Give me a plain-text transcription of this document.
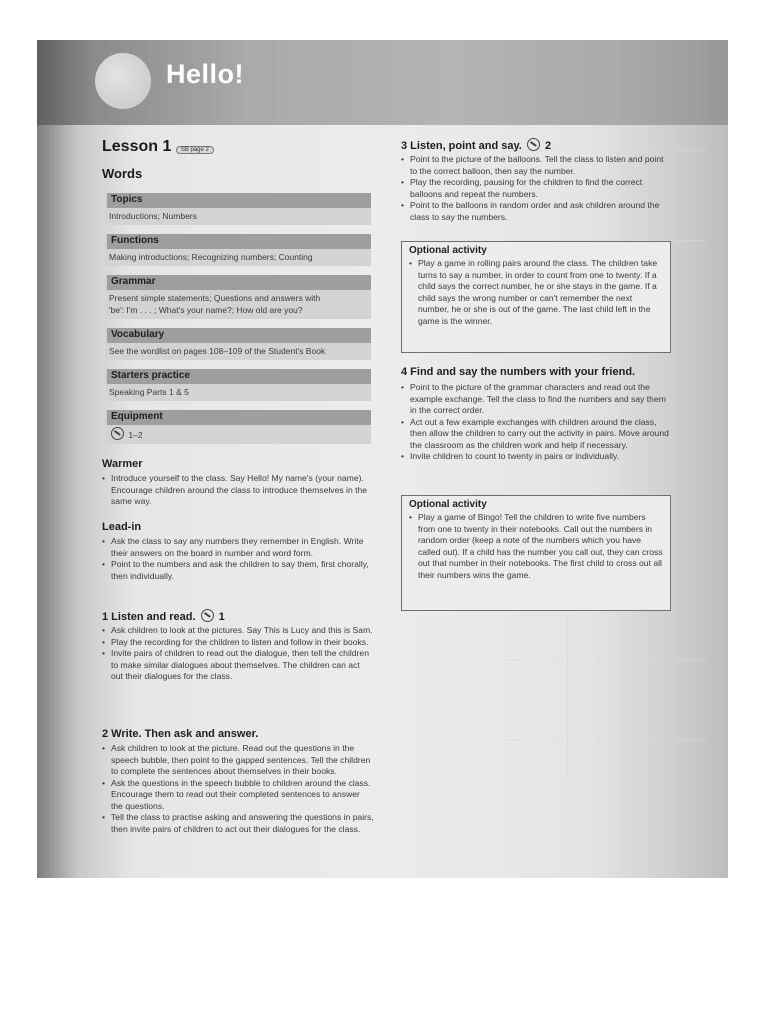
Hello!
Lesson 1 SB page 2
Words
Topics
Introductions; Numbers
Functions
Making introductions; Recognizing numbers; Counting
Grammar
Present simple statements; Questions and answers with
'be': I'm . . . ; What's your name?; How old are you?
Vocabulary
See the wordlist on pages 108–109 of the Student's Book
Starters practice
Speaking Parts 1 & 5
Equipment
1–2
Warmer
• Introduce yourself to the class. Say Hello! My name's (your name). Encourage children around the class to introduce themselves in the same way.
Lead-in
• Ask the class to say any numbers they remember in English. Write their answers on the board in number and word form.
• Point to the numbers and ask the children to say them, first chorally, then individually.
1 Listen and read. 1
• Ask children to look at the pictures. Say This is Lucy and this is Sam.
• Play the recording for the children to listen and follow in their books.
• Invite pairs of children to read out the dialogue, then tell the children to make similar dialogues about themselves. The children can act out their dialogues for the class.
2 Write. Then ask and answer.
• Ask children to look at the picture. Read out the questions in the speech bubble, then point to the gapped sentences. Tell the children to complete the sentences about themselves in their books.
• Ask the questions in the speech bubble to children around the class. Encourage them to read out their completed sentences to answer the questions.
• Tell the class to practise asking and answering the questions in pairs, then invite pairs of children to act out their dialogues for the class.
3 Listen, point and say. 2
• Point to the picture of the balloons. Tell the class to listen and point to the correct balloon, then say the number.
• Play the recording, pausing for the children to find the correct balloons and repeat the numbers.
• Point to the balloons in random order and ask children around the class to say the numbers.
Optional activity
• Play a game in rolling pairs around the class. The children take turns to say a number, in order to count from one to twenty. If a child says the correct number, he or she stays in the game. If a child says the wrong number or can't remember the next number, he or she is out of the game. The last child left in the game is the winner.
4 Find and say the numbers with your friend.
• Point to the picture of the grammar characters and read out the example exchange. Tell the class to find the numbers and say them in the correct order.
• Act out a few example exchanges with children around the class, then allow the children to carry out the activity in pairs. Move around the classroom as the children work and help if necessary.
• Invite children to count to twenty in pairs or individually.
Optional activity
• Play a game of Bingo! Tell the children to write five numbers from one to twenty in their notebooks. Call out the numbers in random order (keep a note of the numbers which you have called out). If a child has the number you call out, they can cross out that number in their notebooks. The first child to cross out all their numbers wins the game.
